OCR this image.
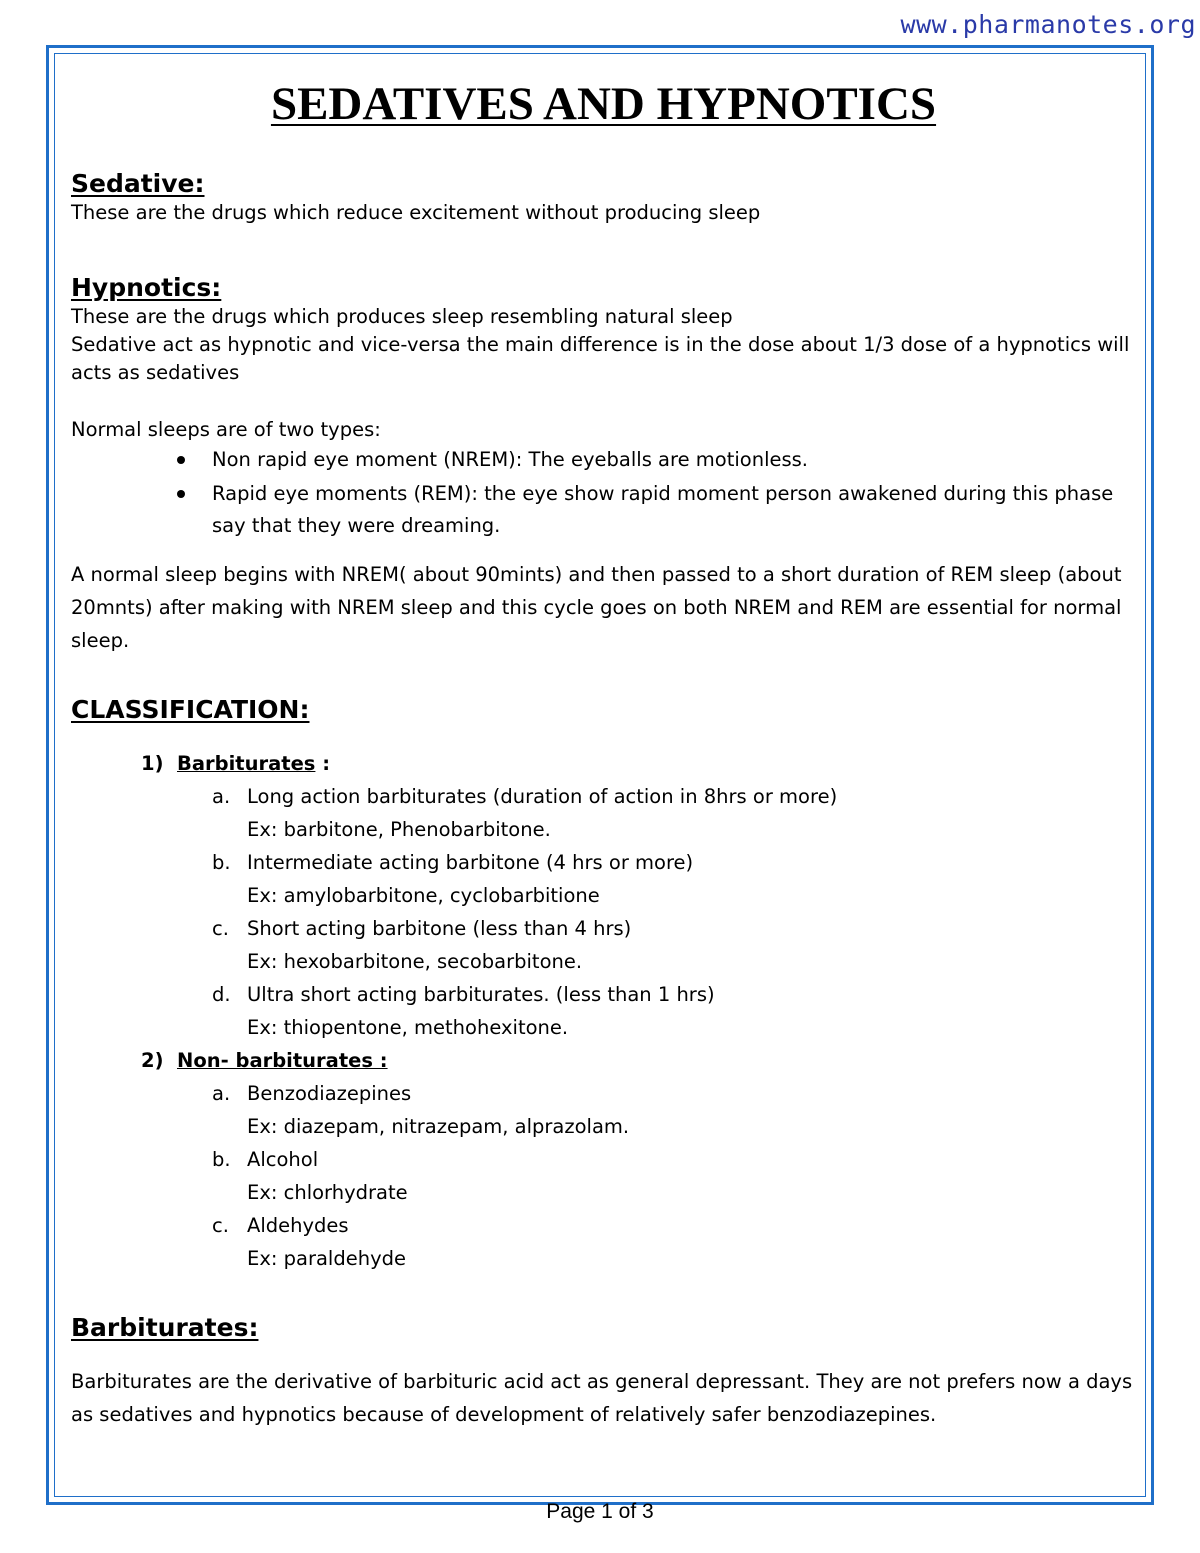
www.pharmanotes.org
SEDATIVES AND HYPNOTICS
Sedative:

These are the drugs which reduce excitement without producing sleep

Hypnotics:

These are the drugs which produces sleep resembling natural sleep

Sedative act as hypnotic and vice-versa the main difference is in the dose about 1/3 dose of a hypnotics will acts as sedatives

Normal sleeps are of two types:

Non rapid eye moment (NREM): The eyeballs are motionless.
Rapid eye moments (REM): the eye show rapid moment person awakened during this phase say that they were dreaming.

A normal sleep begins with NREM( about 90mints) and then passed to a short duration of REM sleep (about 20mnts) after making with NREM sleep and this cycle goes on both NREM and REM are essential for normal sleep.

CLASSIFICATION:
1) Barbiturates :
a. Long action barbiturates (duration of action in 8hrs or more)
Ex: barbitone, Phenobarbitone.
b. Intermediate acting barbitone (4 hrs or more)
Ex: amylobarbitone, cyclobarbitione
c. Short acting barbitone (less than 4 hrs)
Ex: hexobarbitone, secobarbitone.
d. Ultra short acting barbiturates. (less than 1 hrs)
Ex: thiopentone, methohexitone.
2) Non- barbiturates :
a. Benzodiazepines
Ex: diazepam, nitrazepam, alprazolam.
b. Alcohol
Ex: chlorhydrate
c. Aldehydes
Ex: paraldehyde
Barbiturates:

Barbiturates are the derivative of barbituric acid act as general depressant. They are not prefers now a days as sedatives and hypnotics because of development of relatively safer benzodiazepines.

Page 1 of 3
